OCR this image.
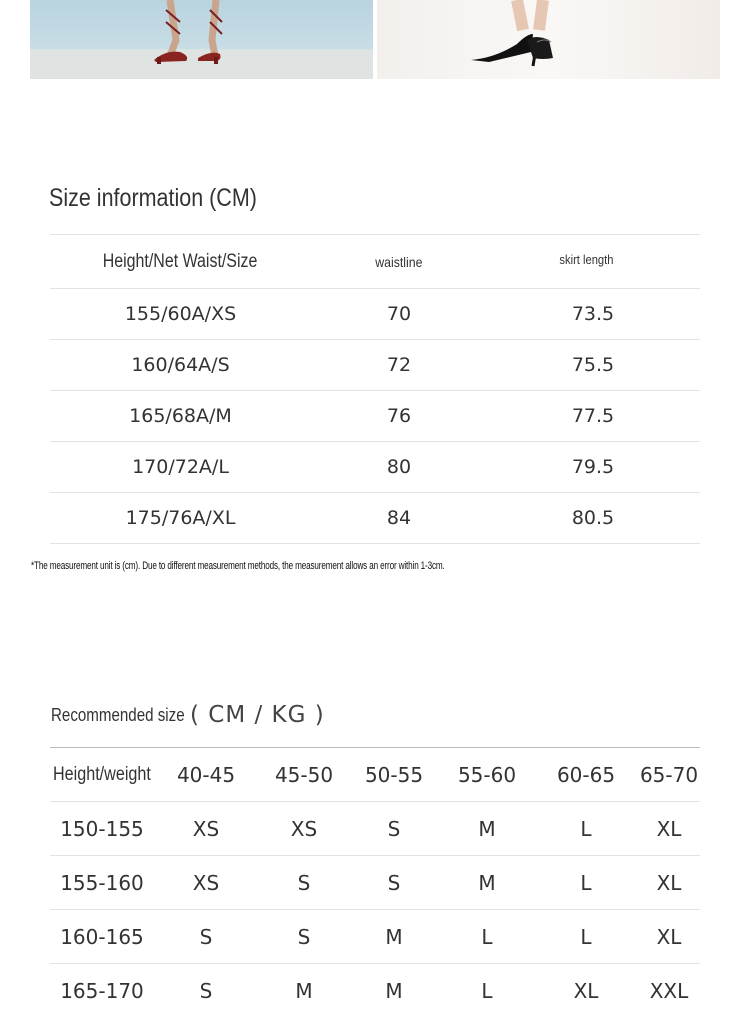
Size information (CM)
Height/Net Waist/Size	waistline	skirt length
155/60A/XS	70	73.5
160/64A/S	72	75.5
165/68A/M	76	77.5
170/72A/L	80	79.5
175/76A/XL	84	80.5

*The measurement unit is (cm). Due to different measurement methods, the measurement allows an error within 1-3cm.

Recommended size ( CM / KG )
Height/weight	40-45	45-50	50-55	55-60	60-65	65-70
150-155	XS	XS	S	M	L	XL
155-160	XS	S	S	M	L	XL
160-165	S	S	M	L	L	XL
165-170	S	M	M	L	XL	XXL
